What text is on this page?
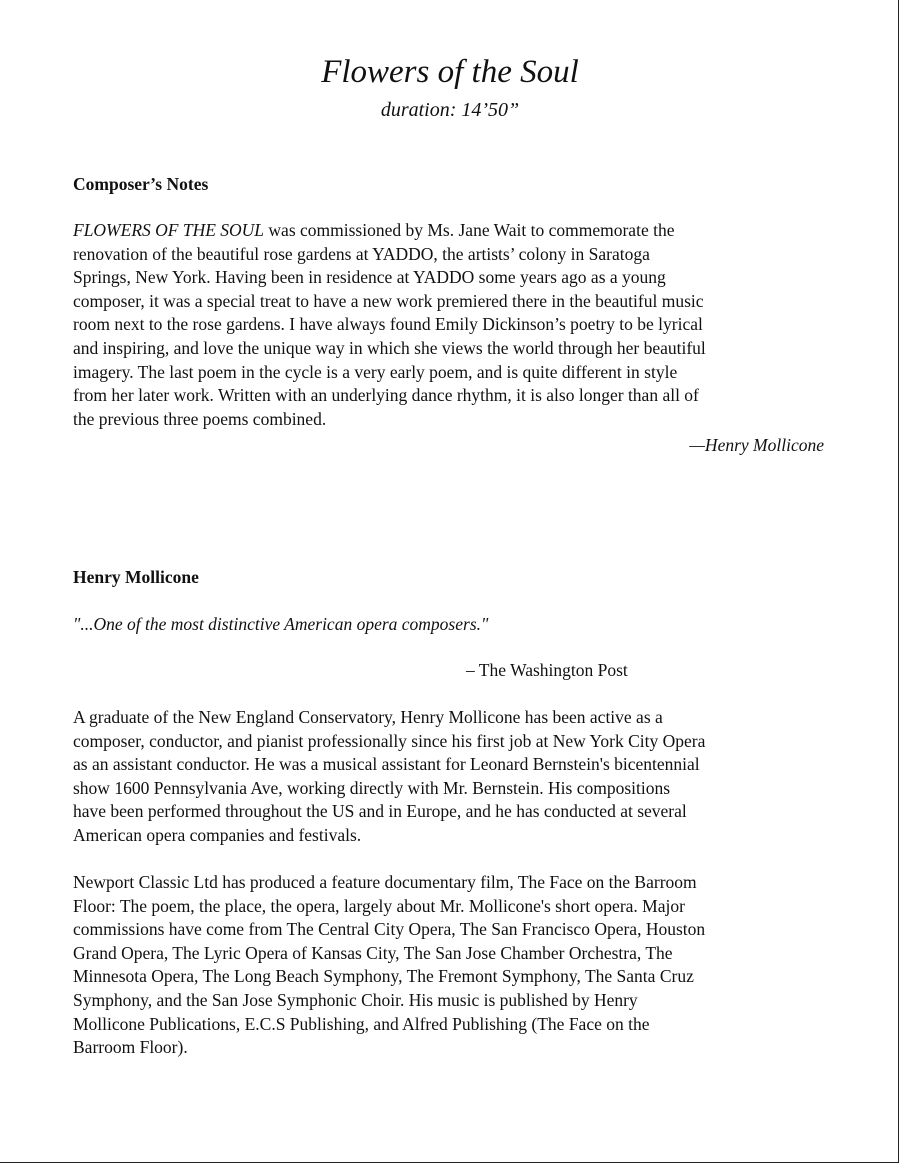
Flowers of the Soul
duration: 14’50”
Composer’s Notes
FLOWERS OF THE SOUL was commissioned by Ms. Jane Wait to commemorate the
renovation of the beautiful rose gardens at YADDO, the artists’ colony in Saratoga
Springs, New York. Having been in residence at YADDO some years ago as a young
composer, it was a special treat to have a new work premiered there in the beautiful music
room next to the rose gardens. I have always found Emily Dickinson’s poetry to be lyrical
and inspiring, and love the unique way in which she views the world through her beautiful
imagery. The last poem in the cycle is a very early poem, and is quite different in style
from her later work. Written with an underlying dance rhythm, it is also longer than all of
the previous three poems combined.
—Henry Mollicone
Henry Mollicone
"...One of the most distinctive American opera composers."
– The Washington Post
A graduate of the New England Conservatory, Henry Mollicone has been active as a
composer, conductor, and pianist professionally since his first job at New York City Opera
as an assistant conductor. He was a musical assistant for Leonard Bernstein's bicentennial
show 1600 Pennsylvania Ave, working directly with Mr. Bernstein. His compositions
have been performed throughout the US and in Europe, and he has conducted at several
American opera companies and festivals.
Newport Classic Ltd has produced a feature documentary film, The Face on the Barroom
Floor: The poem, the place, the opera, largely about Mr. Mollicone's short opera. Major
commissions have come from The Central City Opera, The San Francisco Opera, Houston
Grand Opera, The Lyric Opera of Kansas City, The San Jose Chamber Orchestra, The
Minnesota Opera, The Long Beach Symphony, The Fremont Symphony, The Santa Cruz
Symphony, and the San Jose Symphonic Choir. His music is published by Henry
Mollicone Publications, E.C.S Publishing, and Alfred Publishing (The Face on the
Barroom Floor).
